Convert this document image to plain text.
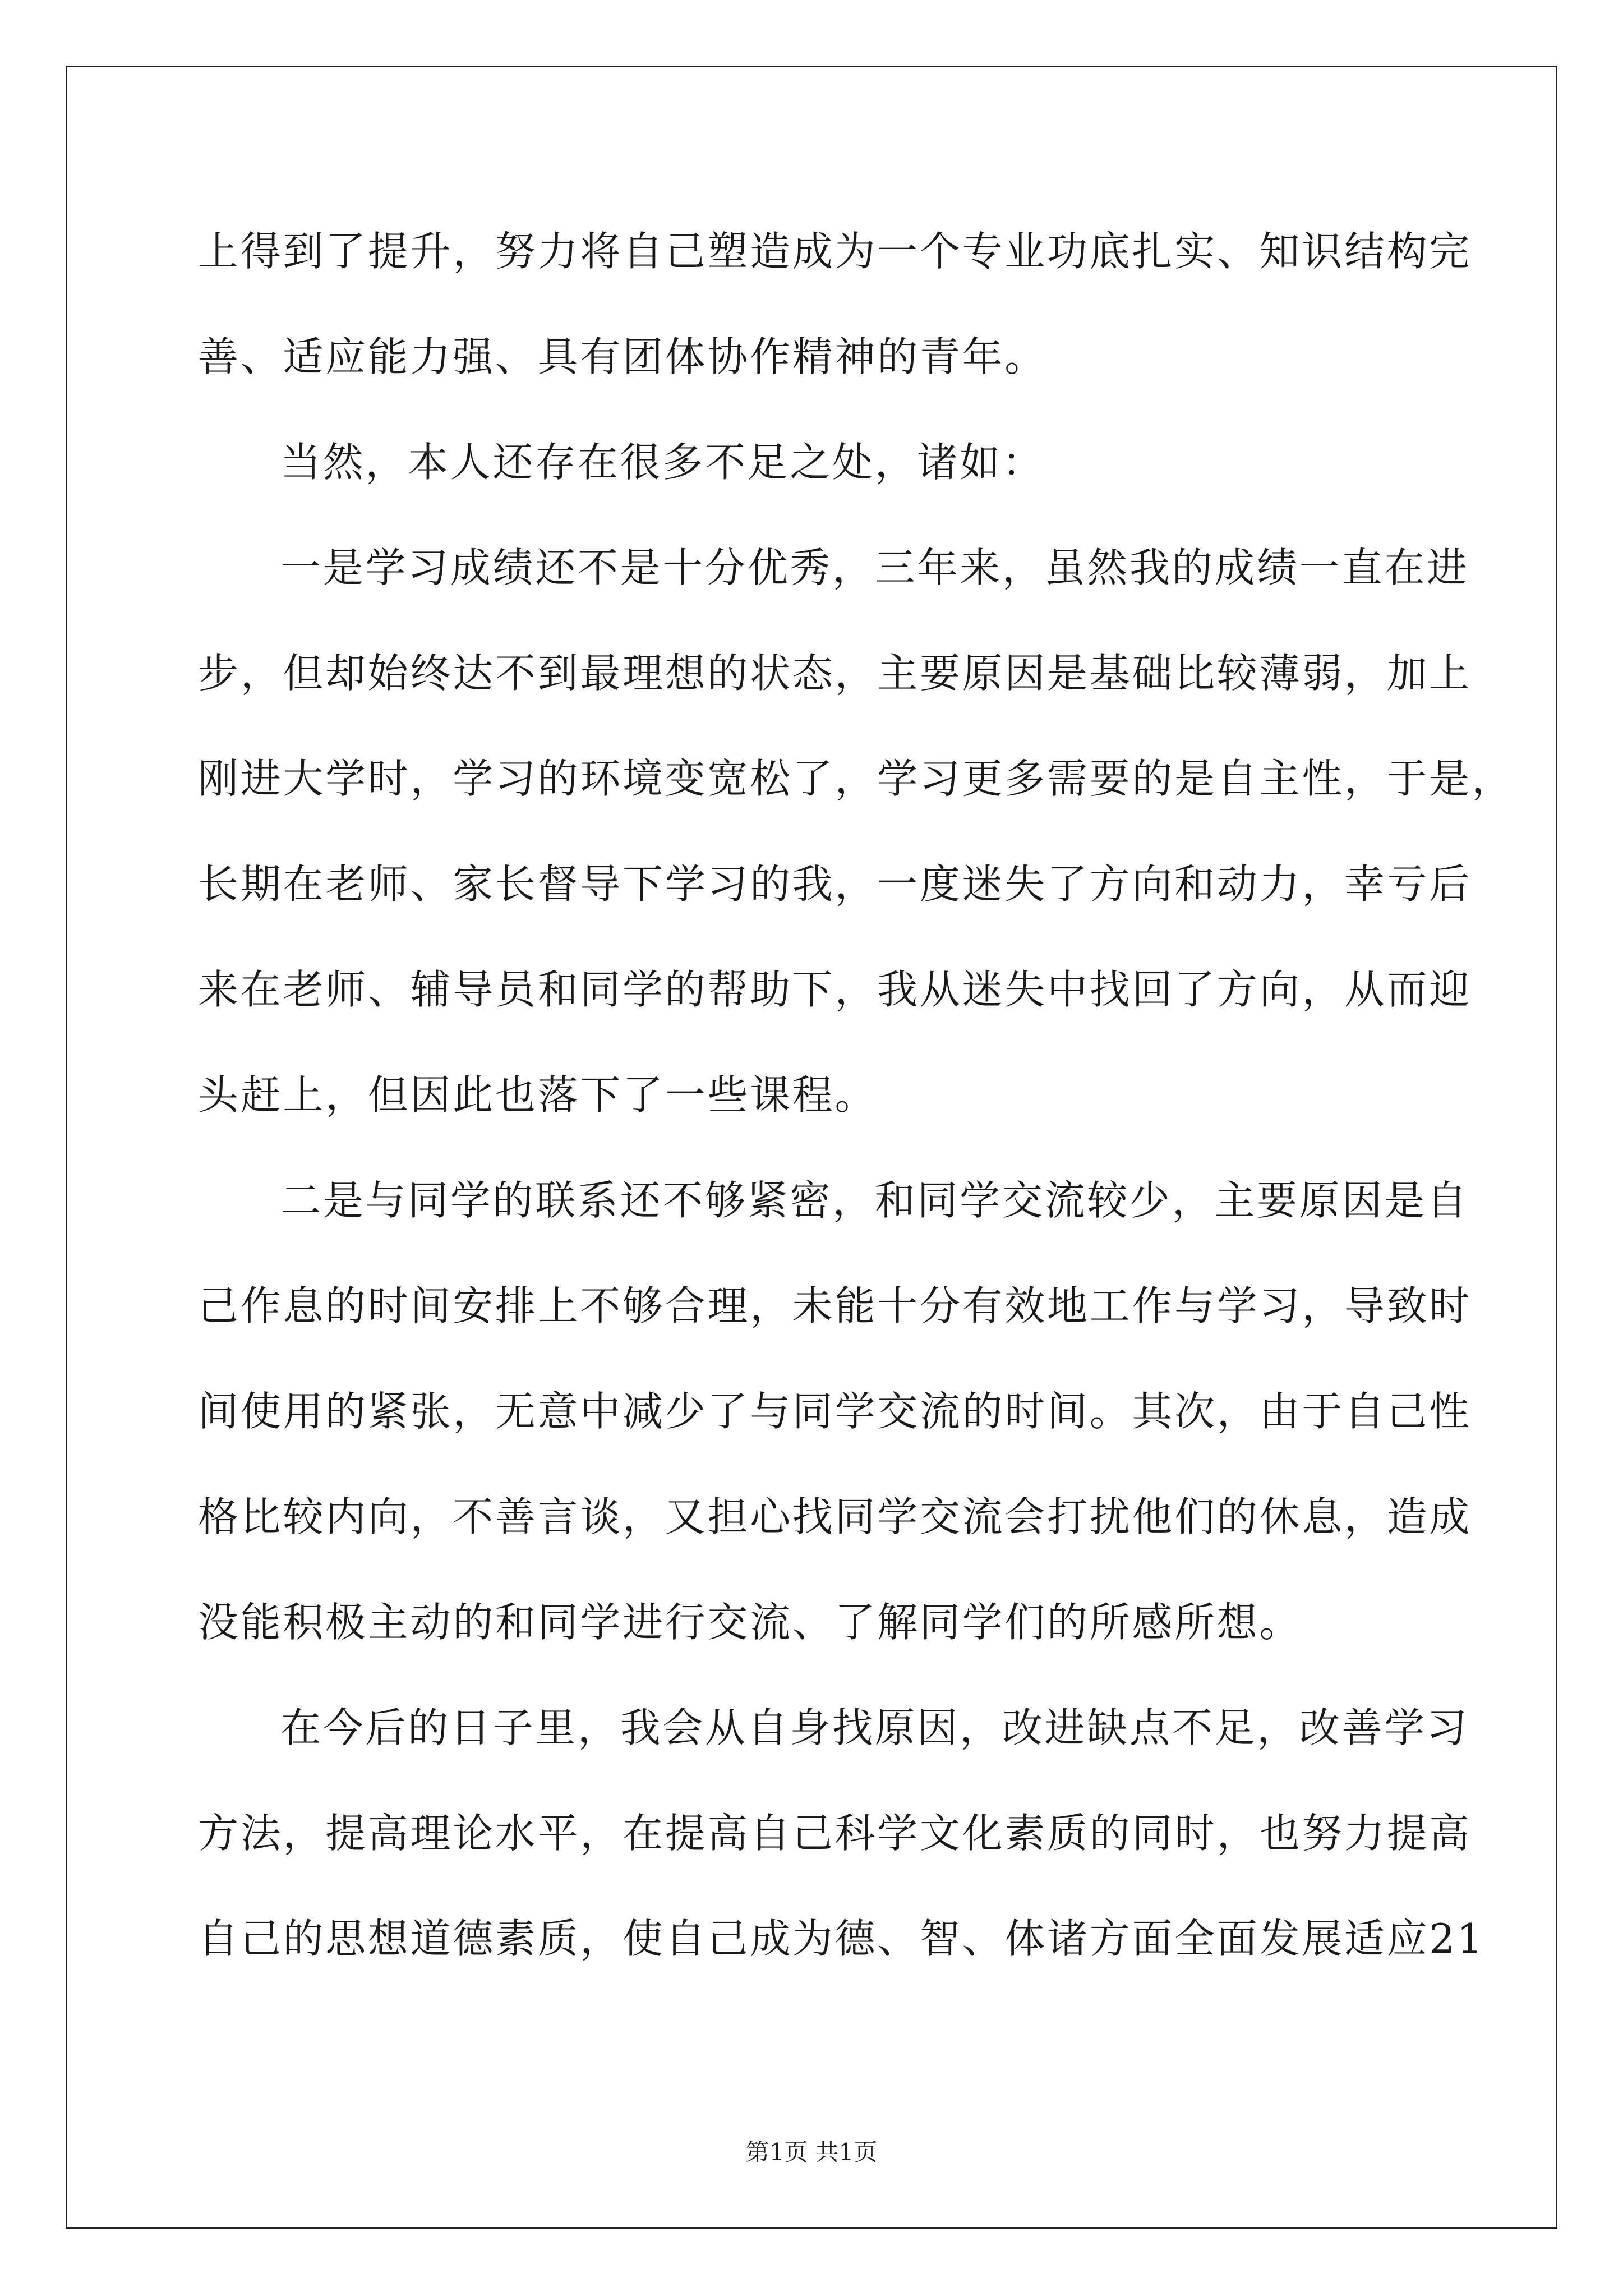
上得到了提升，努力将自己塑造成为一个专业功底扎实、知识结构完
善、适应能力强、具有团体协作精神的青年。
当然，本人还存在很多不足之处，诸如：
一是学习成绩还不是十分优秀，三年来，虽然我的成绩一直在进
步，但却始终达不到最理想的状态，主要原因是基础比较薄弱，加上
刚进大学时，学习的环境变宽松了，学习更多需要的是自主性，于是，
长期在老师、家长督导下学习的我，一度迷失了方向和动力，幸亏后
来在老师、辅导员和同学的帮助下，我从迷失中找回了方向，从而迎
头赶上，但因此也落下了一些课程。
二是与同学的联系还不够紧密，和同学交流较少，主要原因是自
己作息的时间安排上不够合理，未能十分有效地工作与学习，导致时
间使用的紧张，无意中减少了与同学交流的时间。其次，由于自己性
格比较内向，不善言谈，又担心找同学交流会打扰他们的休息，造成
没能积极主动的和同学进行交流、了解同学们的所感所想。
在今后的日子里，我会从自身找原因，改进缺点不足，改善学习
方法，提高理论水平，在提高自己科学文化素质的同时，也努力提高
自己的思想道德素质，使自己成为德、智、体诸方面全面发展适应21
第1页 共1页
